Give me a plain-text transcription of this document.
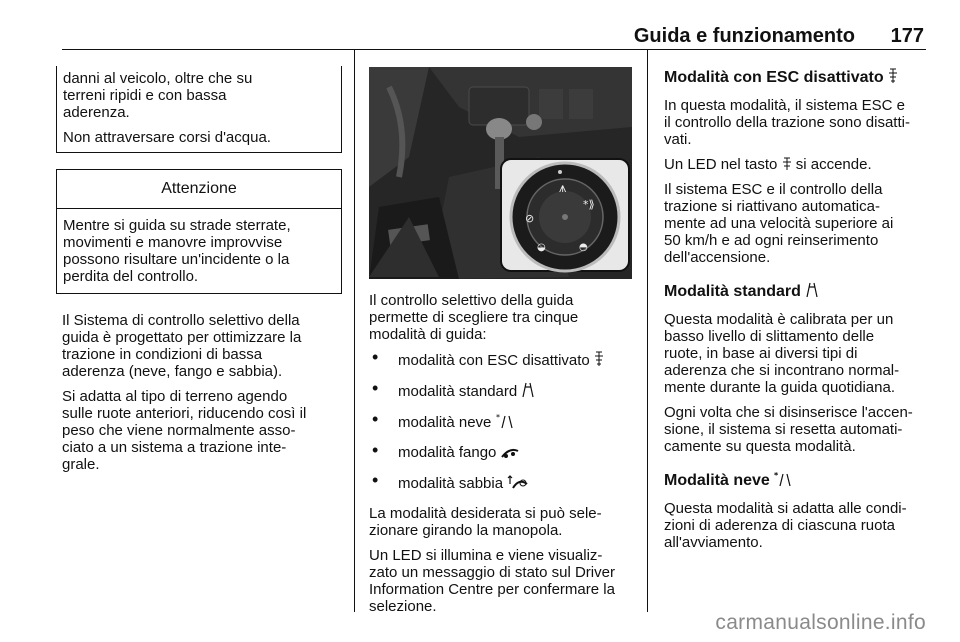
Guida e funzionamento 177
danni al veicolo, oltre che su
terreni ripidi e con bassa
aderenza.
Non attraversare corsi d'acqua.
Attenzione
Mentre si guida su strade sterrate,
movimenti e manovre improvvise
possono risultare un'incidente o la
perdita del controllo.

Il Sistema di controllo selettivo della
guida è progettato per ottimizzare la
trazione in condizioni di bassa
aderenza (neve, fango e sabbia).

Si adatta al tipo di terreno agendo
sulle ruote anteriori, riducendo così il
peso che viene normalmente asso-
ciato a un sistema a trazione inte-
grale.

⩚
*⟫
⊘
◒	◓

Il controllo selettivo della guida
permette di scegliere tra cinque
modalità di guida:

• modalità con ESC disattivato
• modalità standard
• modalità neve *
• modalità fango
• modalità sabbia

La modalità desiderata si può sele-
zionare girando la manopola.

Un LED si illumina e viene visualiz-
zato un messaggio di stato sul Driver
Information Centre per confermare la
selezione.

Modalità con ESC disattivato

In questa modalità, il sistema ESC e
il controllo della trazione sono disatti-
vati.

Un LED nel tasto si accende.

Il sistema ESC e il controllo della
trazione si riattivano automatica-
mente ad una velocità superiore ai
50 km/h e ad ogni reinserimento
dell'accensione.

Modalità standard

Questa modalità è calibrata per un
basso livello di slittamento delle
ruote, in base ai diversi tipi di
aderenza che si incontrano normal-
mente durante la guida quotidiana.

Ogni volta che si disinserisce l'accen-
sione, il sistema si resetta automati-
camente su questa modalità.

Modalità neve *

Questa modalità si adatta alle condi-
zioni di aderenza di ciascuna ruota
all'avviamento.

carmanualsonline.info
